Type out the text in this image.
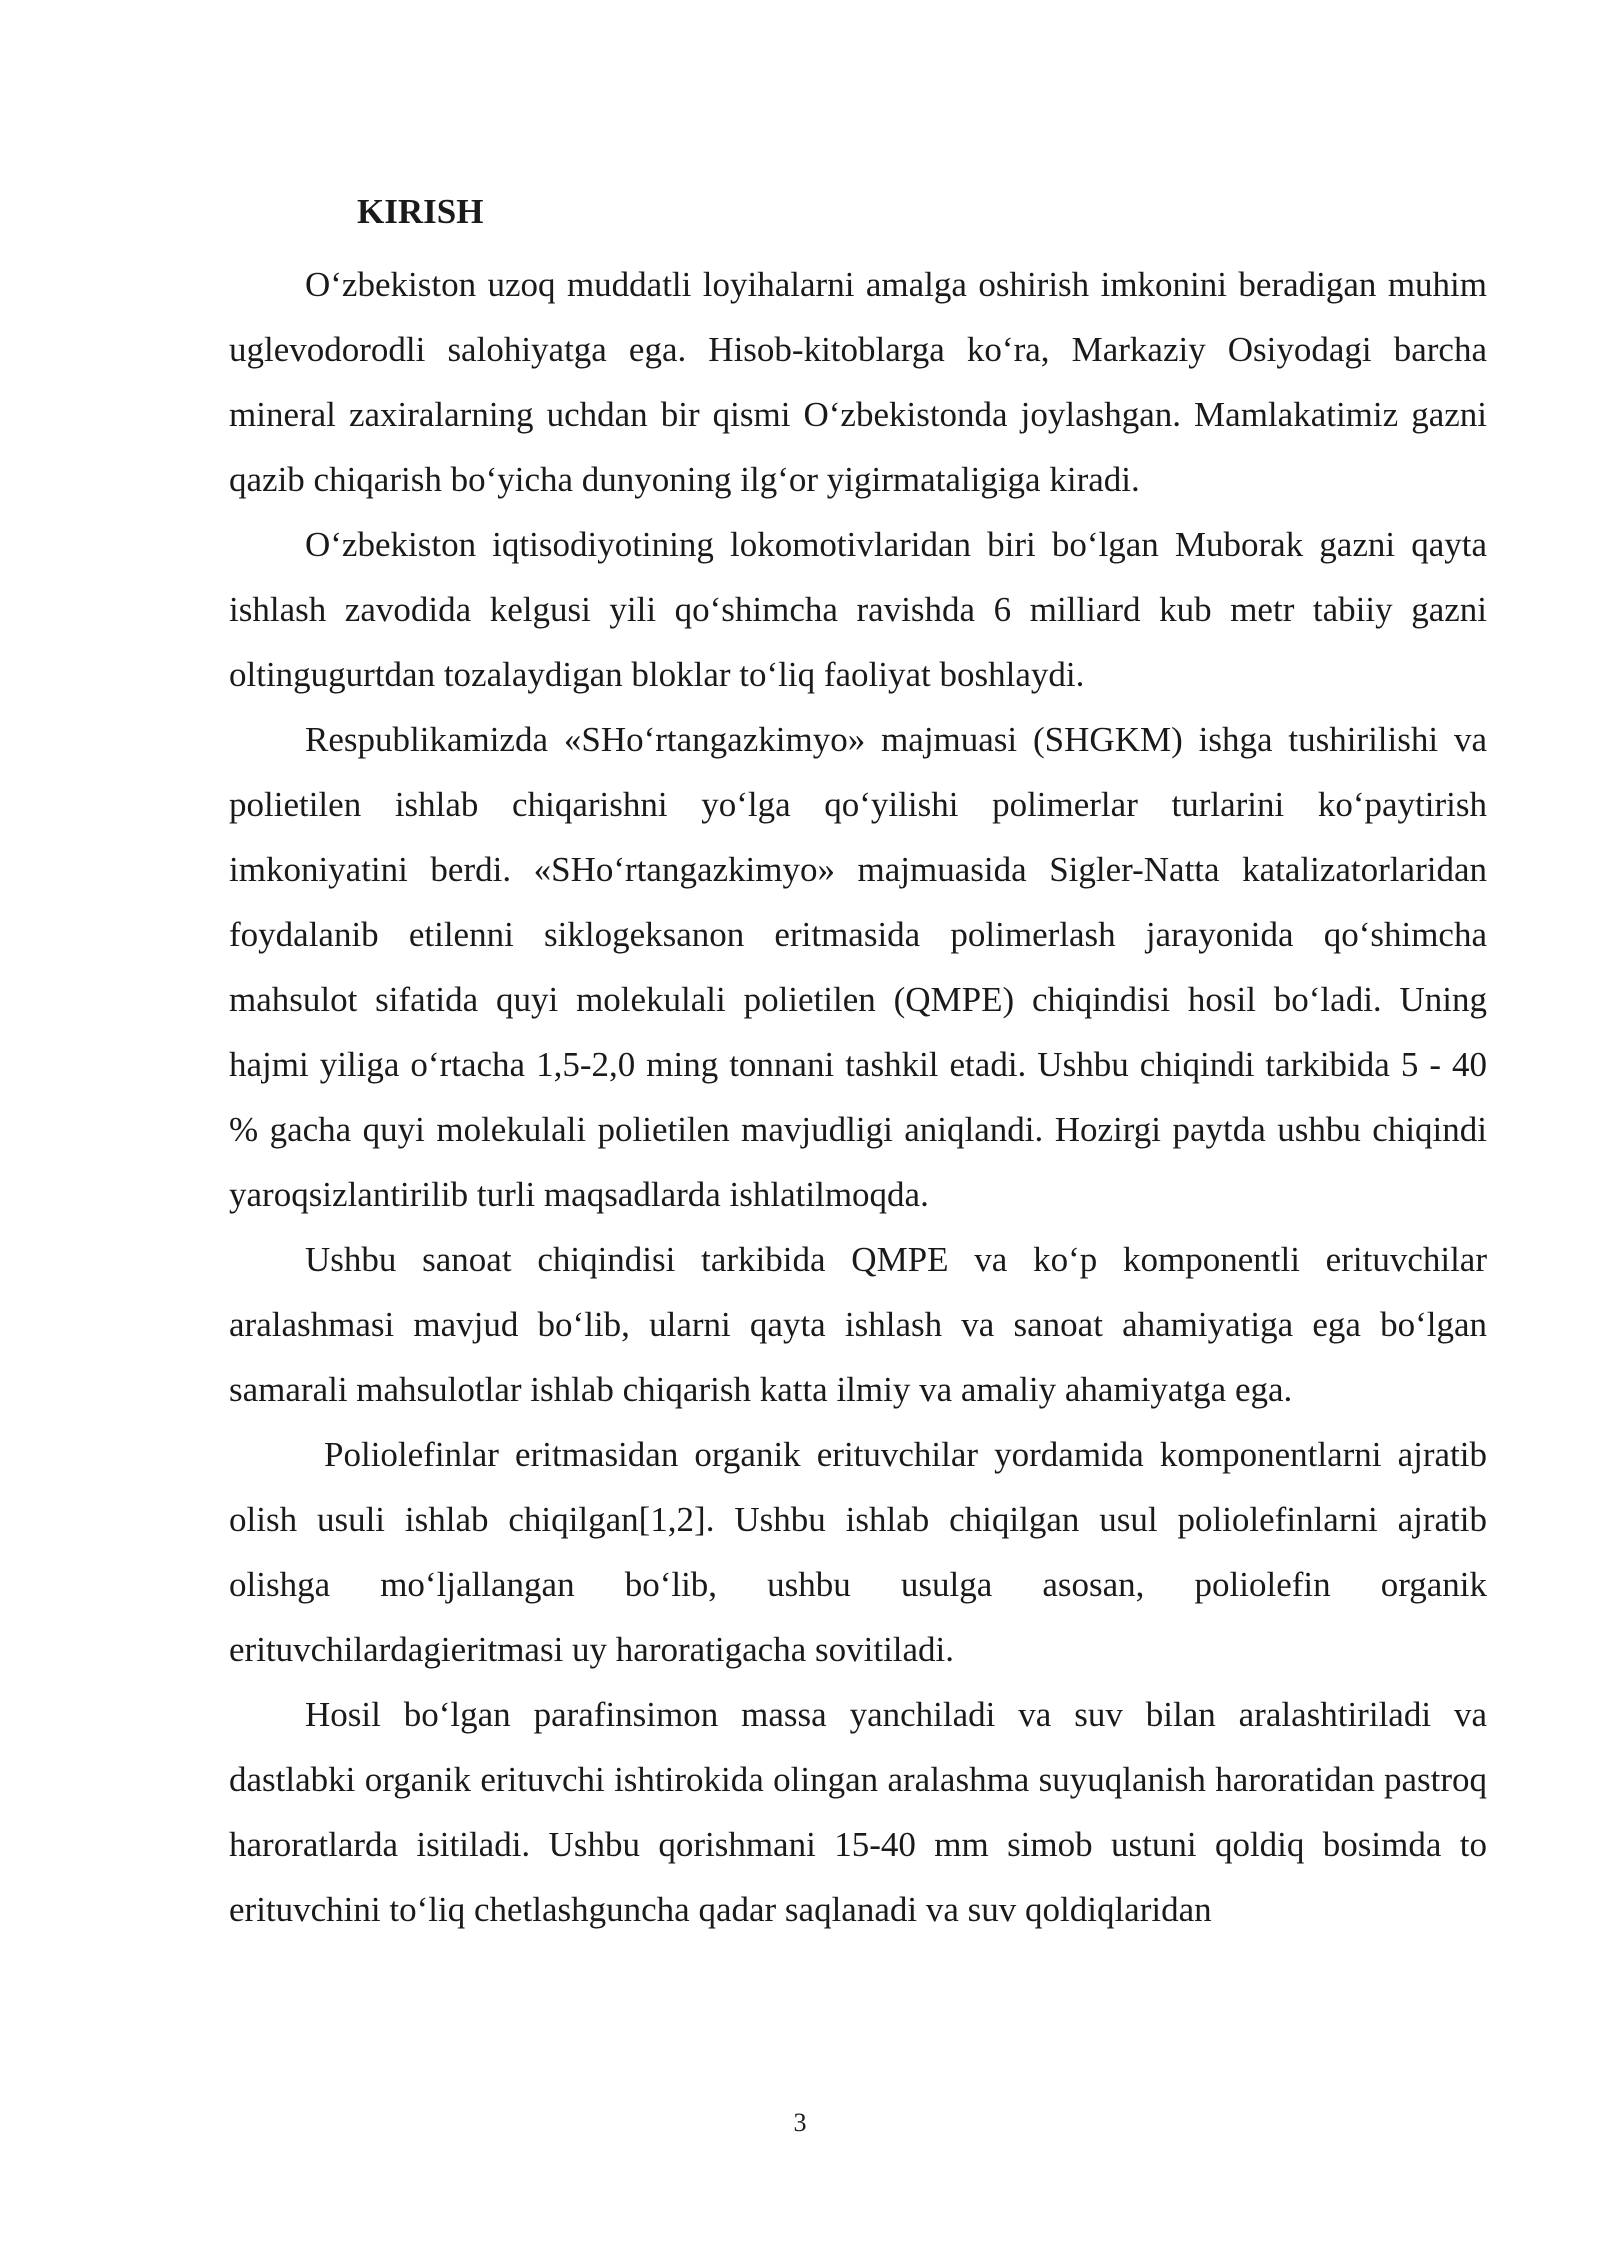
KIRISH

O‘zbekiston uzoq muddatli loyihalarni amalga oshirish imkonini beradigan muhim uglevodorodli salohiyatga ega. Hisob-kitoblarga ko‘ra, Markaziy Osiyodagi barcha mineral zaxiralarning uchdan bir qismi O‘zbekistonda joylashgan. Mamlakatimiz gazni qazib chiqarish bo‘yicha dunyoning ilg‘or yigirmataligiga kiradi.

O‘zbekiston iqtisodiyotining lokomotivlaridan biri bo‘lgan Muborak gazni qayta ishlash zavodida kelgusi yili qo‘shimcha ravishda 6 milliard kub metr tabiiy gazni oltingugurtdan tozalaydigan bloklar to‘liq faoliyat boshlaydi.

Respublikamizda «SHo‘rtangazkimyo» majmuasi (SHGKM) ishga tushirilishi va polietilen ishlab chiqarishni yo‘lga qo‘yilishi polimerlar turlarini ko‘paytirish imkoniyatini berdi. «SHo‘rtangazkimyo» majmuasida Sigler-Natta katalizatorlaridan foydalanib etilenni siklogeksanon eritmasida polimerlash jarayonida qo‘shimcha mahsulot sifatida quyi molekulali polietilen (QMPE) chiqindisi hosil bo‘ladi. Uning hajmi yiliga o‘rtacha 1,5-2,0 ming tonnani tashkil etadi. Ushbu chiqindi tarkibida 5 - 40 % gacha quyi molekulali polietilen mavjudligi aniqlandi. Hozirgi paytda ushbu chiqindi yaroqsizlantirilib turli maqsadlarda ishlatilmoqda.

Ushbu sanoat chiqindisi tarkibida QMPE va ko‘p komponentli erituvchilar aralashmasi mavjud bo‘lib, ularni qayta ishlash va sanoat ahamiyatiga ega bo‘lgan samarali mahsulotlar ishlab chiqarish katta ilmiy va amaliy ahamiyatga ega.

Poliolefinlar eritmasidan organik erituvchilar yordamida komponentlarni ajratib olish usuli ishlab chiqilgan[1,2]. Ushbu ishlab chiqilgan usul poliolefinlarni ajratib olishga mo‘ljallangan bo‘lib, ushbu usulga asosan, poliolefin organik erituvchilardagieritmasi uy haroratigacha sovitiladi.

Hosil bo‘lgan parafinsimon massa yanchiladi va suv bilan aralashtiriladi va dastlabki organik erituvchi ishtirokida olingan aralashma suyuqlanish haroratidan pastroq haroratlarda isitiladi. Ushbu qorishmani 15-40 mm simob ustuni qoldiq bosimda to erituvchini to‘liq chetlashguncha qadar saqlanadi va suv qoldiqlaridan

3
